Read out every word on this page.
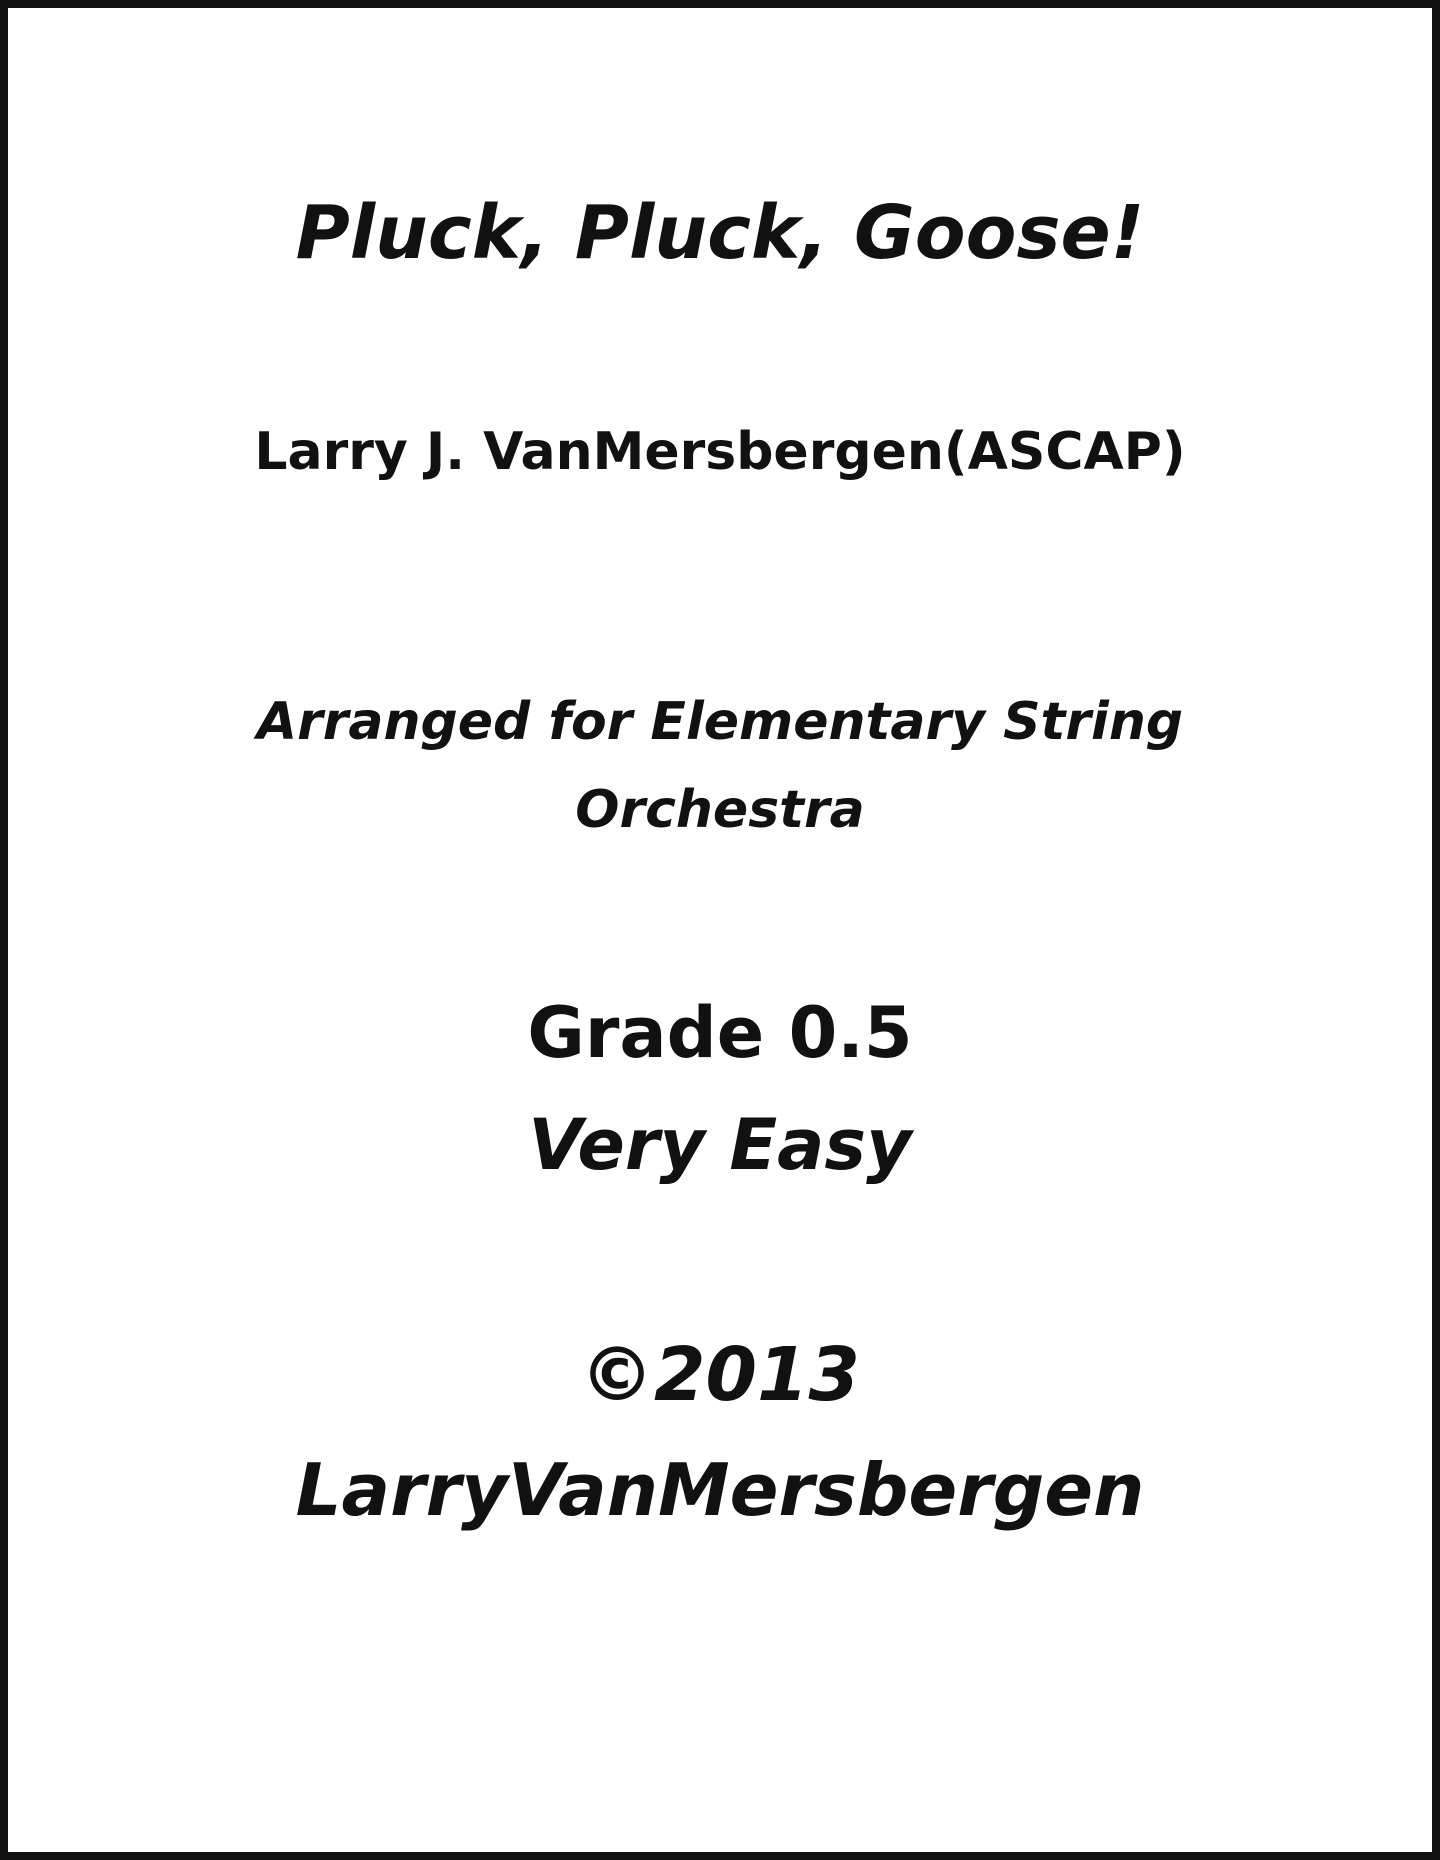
Pluck, Pluck, Goose!
Larry J. VanMersbergen(ASCAP)
Arranged for Elementary String
Orchestra
Grade 0.5
Very Easy
©2013
LarryVanMersbergen
